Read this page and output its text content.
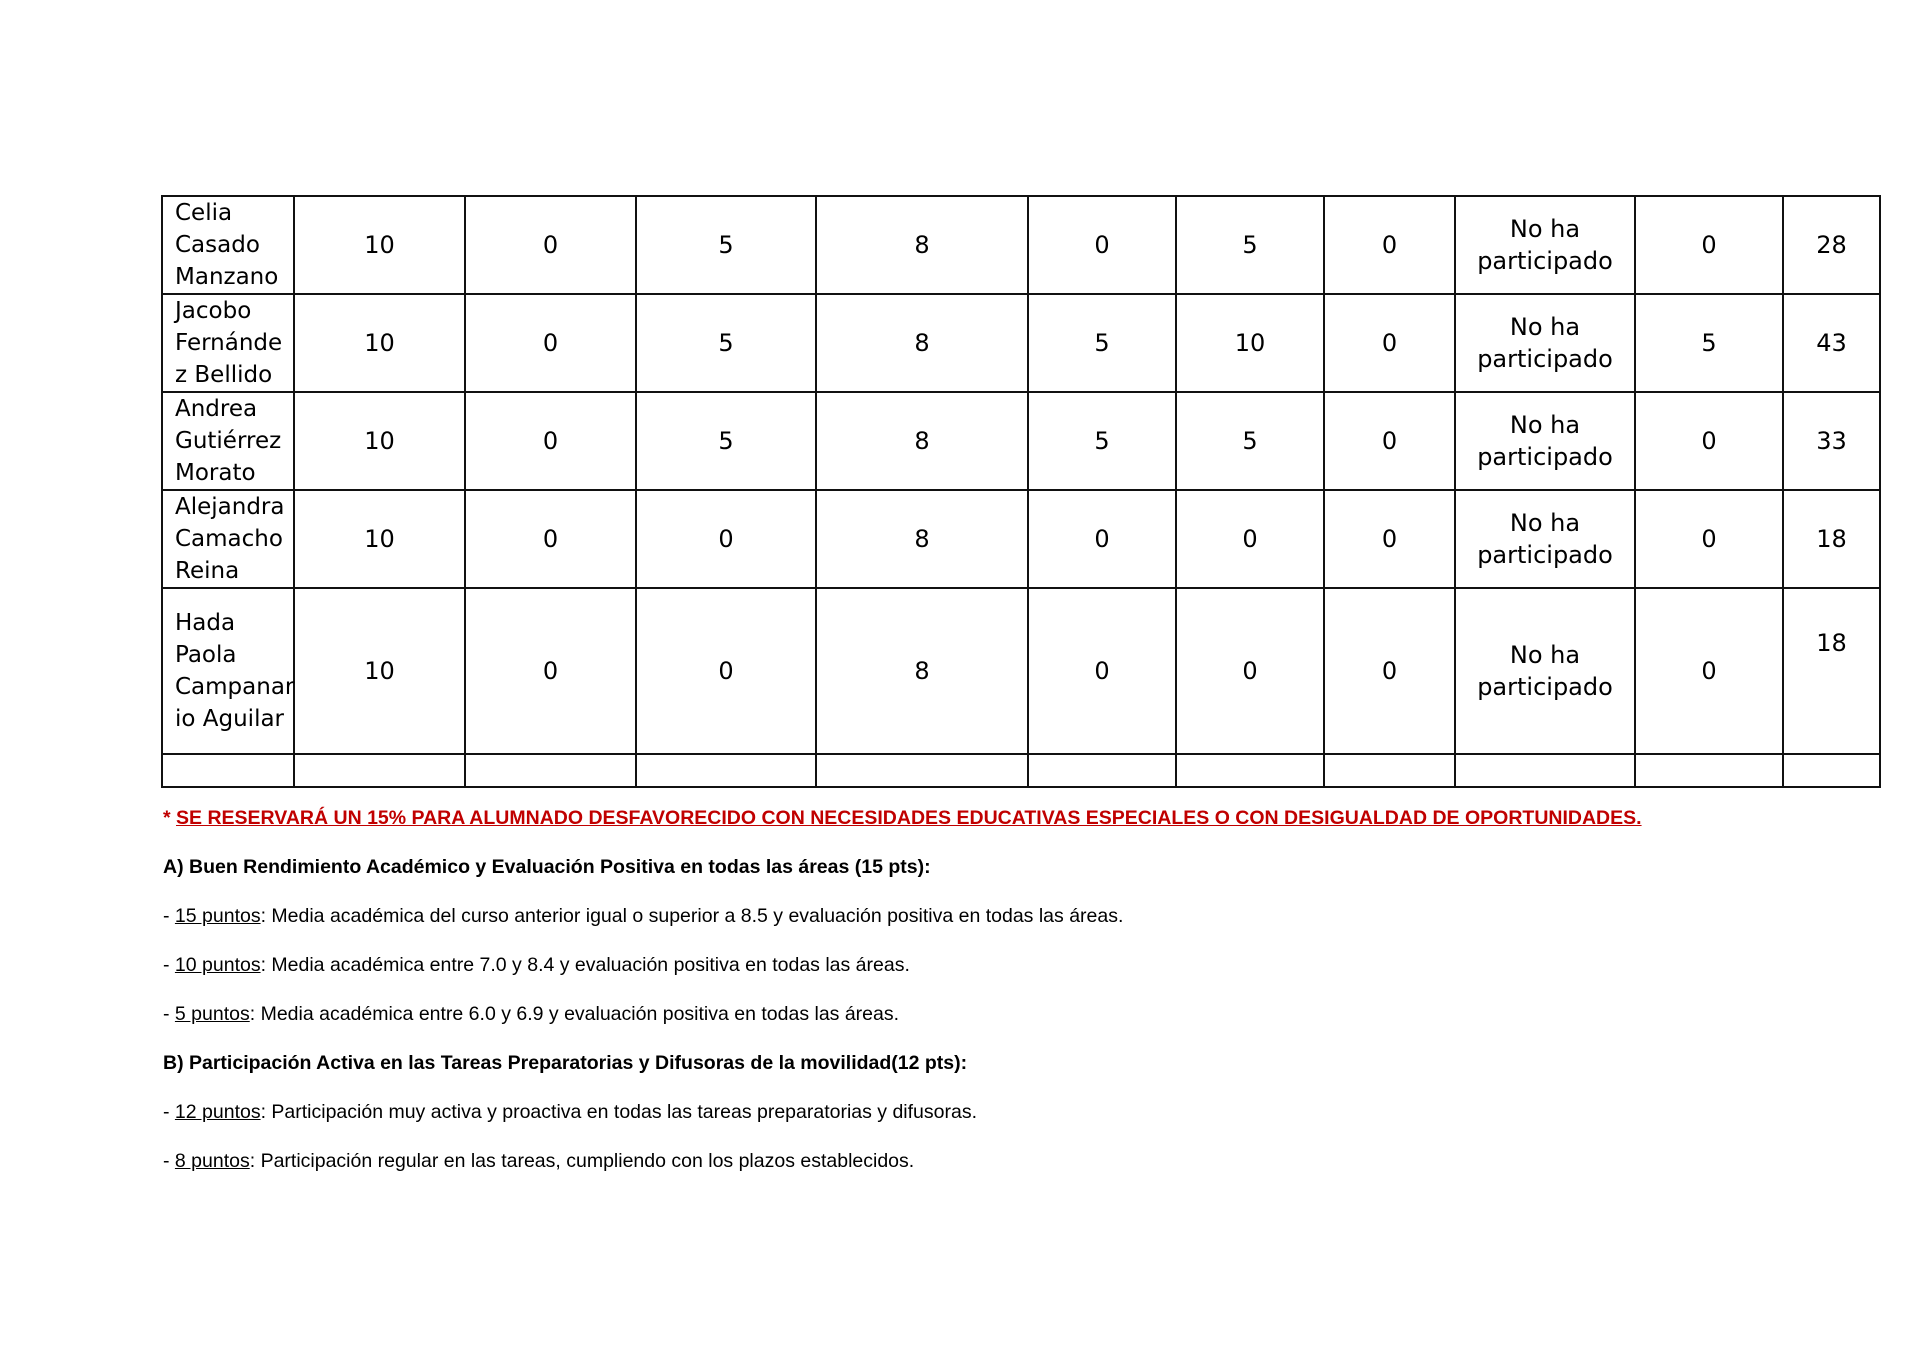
Celia
Casado
Manzano	10	0	5	8	0	5	0	No ha
participado	0	28

Jacobo
Fernánde
z Bellido	10	0	5	8	5	10	0	No ha
participado	5	43

Andrea
Gutiérrez
Morato	10	0	5	8	5	5	0	No ha
participado	0	33

Alejandra
Camacho
Reina	10	0	0	8	0	0	0	No ha
participado	0	18

Hada
Paola
Campanar
io Aguilar	10	0	0	8	0	0	0	No ha
participado	0	18

* SE RESERVARÁ UN 15% PARA ALUMNADO DESFAVORECIDO CON NECESIDADES EDUCATIVAS ESPECIALES O CON DESIGUALDAD DE OPORTUNIDADES.

A) Buen Rendimiento Académico y Evaluación Positiva en todas las áreas (15 pts):

- 15 puntos: Media académica del curso anterior igual o superior a 8.5 y evaluación positiva en todas las áreas.

- 10 puntos: Media académica entre 7.0 y 8.4 y evaluación positiva en todas las áreas.

- 5 puntos: Media académica entre 6.0 y 6.9 y evaluación positiva en todas las áreas.

B) Participación Activa en las Tareas Preparatorias y Difusoras de la movilidad(12 pts):

- 12 puntos: Participación muy activa y proactiva en todas las tareas preparatorias y difusoras.

- 8 puntos: Participación regular en las tareas, cumpliendo con los plazos establecidos.
